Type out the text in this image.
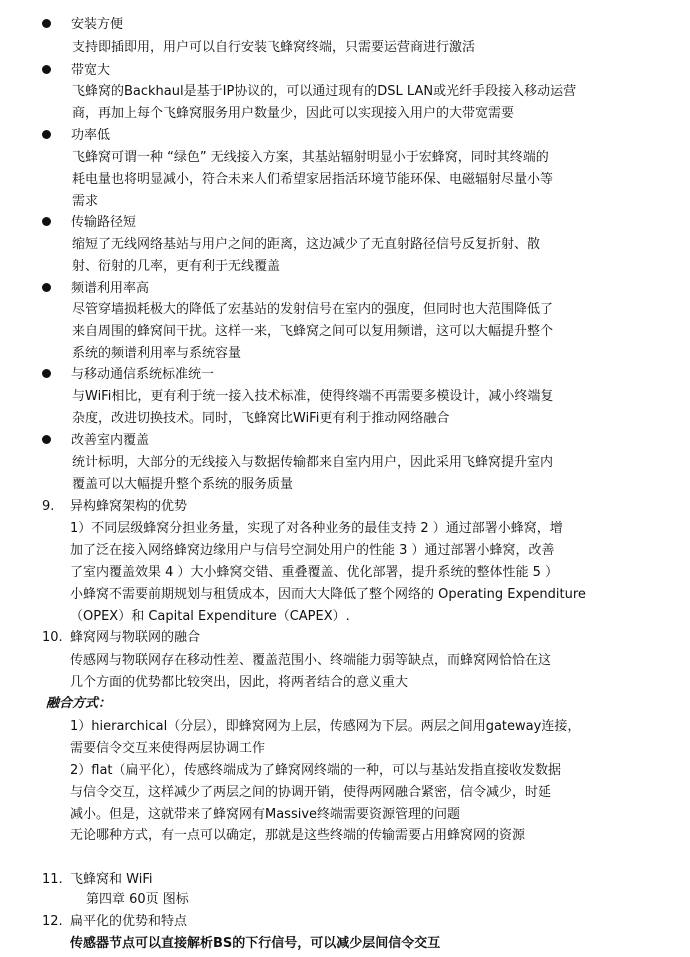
安装方便
支持即插即用，用户可以自行安装飞蜂窝终端，只需要运营商进行激活
带宽大
飞蜂窝的Backhaul是基于IP协议的，可以通过现有的DSL LAN或光纤手段接入移动运营
商，再加上每个飞蜂窝服务用户数量少，因此可以实现接入用户的大带宽需要
功率低
飞蜂窝可谓一种 “绿色” 无线接入方案，其基站辐射明显小于宏蜂窝，同时其终端的
耗电量也将明显减小，符合未来人们希望家居指活环境节能环保、电磁辐射尽量小等
需求
传输路径短
缩短了无线网络基站与用户之间的距离，这边减少了无直射路径信号反复折射、散
射、衍射的几率，更有利于无线覆盖
频谱利用率高
尽管穿墙损耗极大的降低了宏基站的发射信号在室内的强度，但同时也大范围降低了
来自周围的蜂窝间干扰。这样一来，飞蜂窝之间可以复用频谱，这可以大幅提升整个
系统的频谱利用率与系统容量
与移动通信系统标准统一
与WiFi相比，更有利于统一接入技术标准，使得终端不再需要多模设计，减小终端复
杂度，改进切换技术。同时，飞蜂窝比WiFi更有利于推动网络融合
改善室内覆盖
统计标明，大部分的无线接入与数据传输都来自室内用户，因此采用飞蜂窝提升室内
覆盖可以大幅提升整个系统的服务质量
9. 异构蜂窝架构的优势
1）不同层级蜂窝分担业务量，实现了对各种业务的最佳支持 2 ）通过部署小蜂窝，增
加了泛在接入网络蜂窝边缘用户与信号空洞处用户的性能 3 ）通过部署小蜂窝，改善
了室内覆盖效果 4 ）大小蜂窝交错、重叠覆盖、优化部署，提升系统的整体性能 5 ）
小蜂窝不需要前期规划与租赁成本，因而大大降低了整个网络的 Operating Expenditure
（OPEX）和 Capital Expenditure（CAPEX）.
10. 蜂窝网与物联网的融合
传感网与物联网存在移动性差、覆盖范围小、终端能力弱等缺点，而蜂窝网恰恰在这
几个方面的优势都比较突出，因此，将两者结合的意义重大
融合方式：
1）hierarchical（分层），即蜂窝网为上层，传感网为下层。两层之间用gateway连接，
需要信令交互来使得两层协调工作
2）flat（扁平化），传感终端成为了蜂窝网终端的一种，可以与基站发指直接收发数据
与信令交互，这样减少了两层之间的协调开销，使得两网融合紧密，信令减少，时延
减小。但是，这就带来了蜂窝网有Massive终端需要资源管理的问题
无论哪种方式，有一点可以确定，那就是这些终端的传输需要占用蜂窝网的资源
11. 飞蜂窝和 WiFi
第四章 60页 图标
12. 扁平化的优势和特点
传感器节点可以直接解析BS的下行信号，可以减少层间信令交互
